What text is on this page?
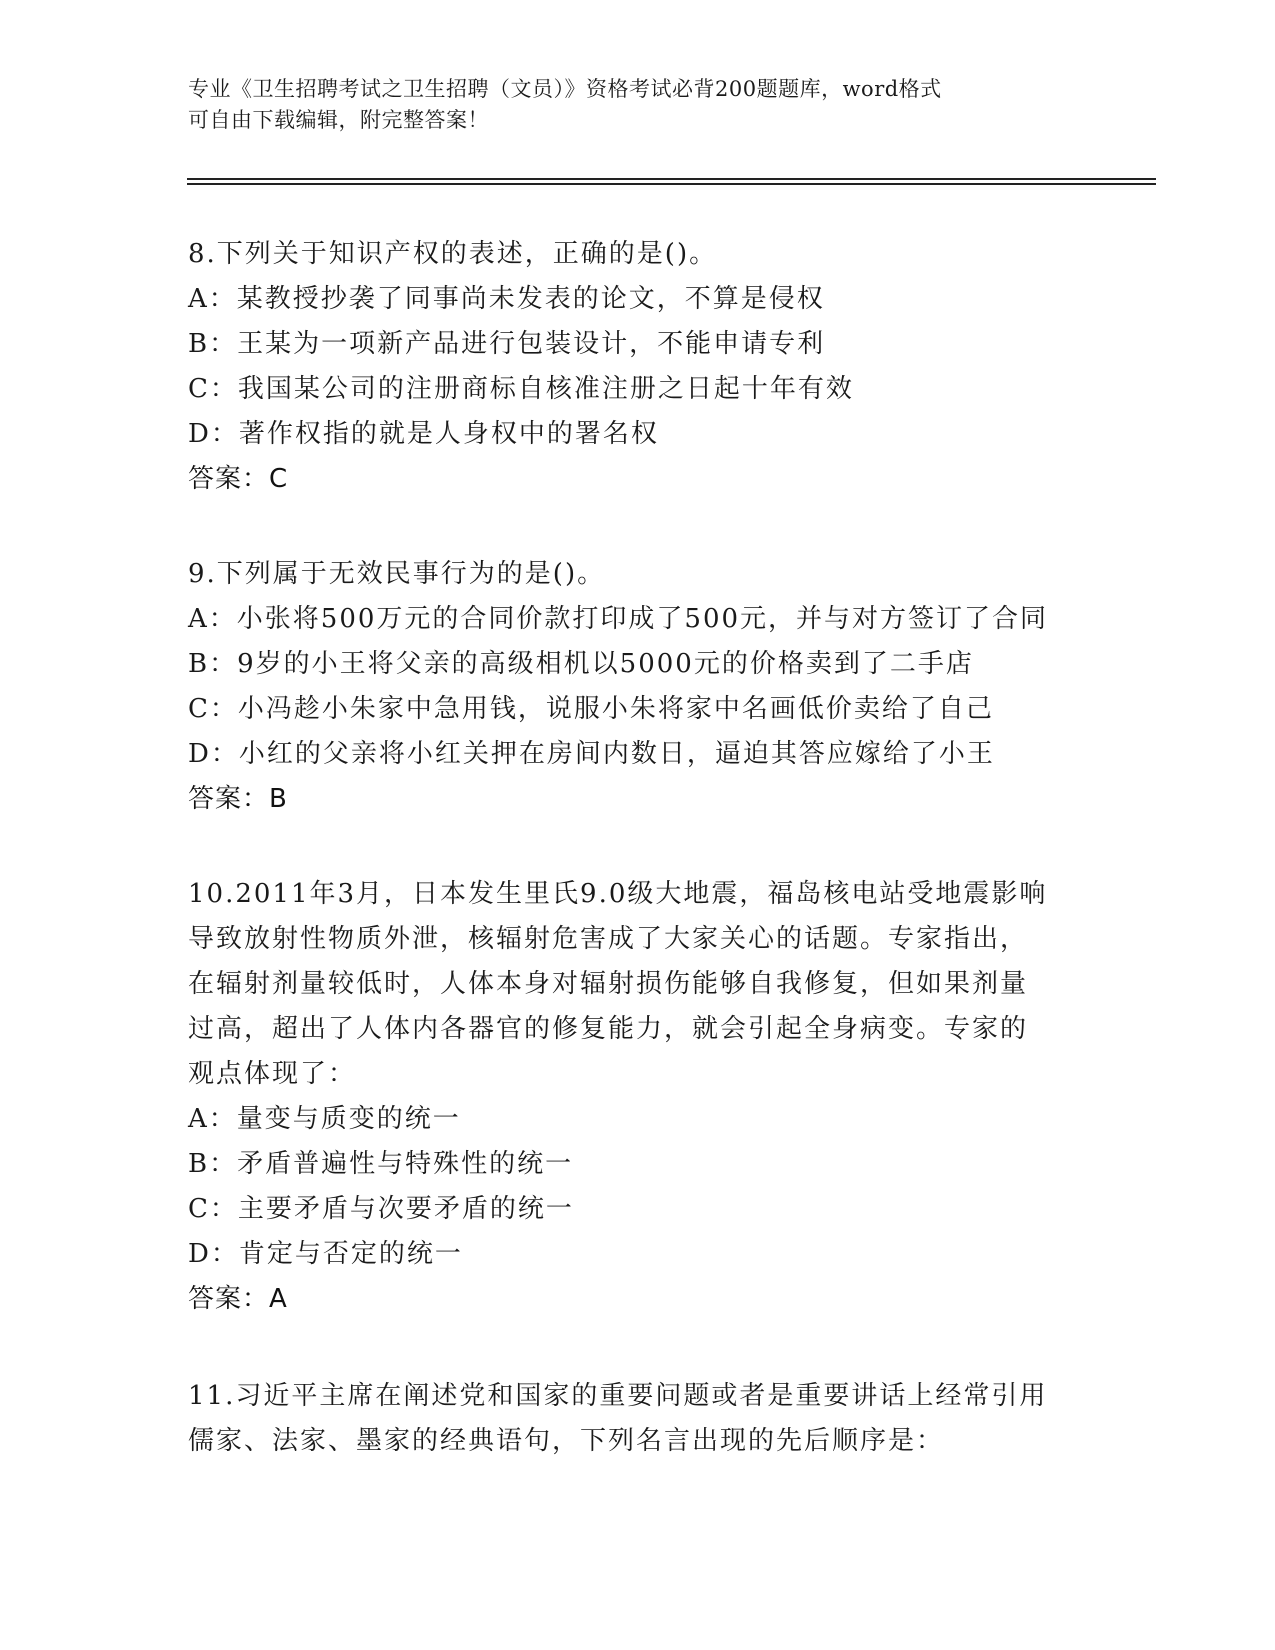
专业《卫生招聘考试之卫生招聘（文员）》资格考试必背200题题库，word格式
可自由下载编辑，附完整答案！
8.下列关于知识产权的表述，正确的是()。
A：某教授抄袭了同事尚未发表的论文，不算是侵权
B：王某为一项新产品进行包装设计，不能申请专利
C：我国某公司的注册商标自核准注册之日起十年有效
D：著作权指的就是人身权中的署名权
答案：C
9.下列属于无效民事行为的是()。
A：小张将500万元的合同价款打印成了500元，并与对方签订了合同
B：9岁的小王将父亲的高级相机以5000元的价格卖到了二手店
C：小冯趁小朱家中急用钱，说服小朱将家中名画低价卖给了自己
D：小红的父亲将小红关押在房间内数日，逼迫其答应嫁给了小王
答案：B
10.2011年3月，日本发生里氏9.0级大地震，福岛核电站受地震影响
导致放射性物质外泄，核辐射危害成了大家关心的话题。专家指出，
在辐射剂量较低时，人体本身对辐射损伤能够自我修复，但如果剂量
过高，超出了人体内各器官的修复能力，就会引起全身病变。专家的
观点体现了：
A：量变与质变的统一
B：矛盾普遍性与特殊性的统一
C：主要矛盾与次要矛盾的统一
D：肯定与否定的统一
答案：A
11.习近平主席在阐述党和国家的重要问题或者是重要讲话上经常引用
儒家、法家、墨家的经典语句，下列名言出现的先后顺序是：
